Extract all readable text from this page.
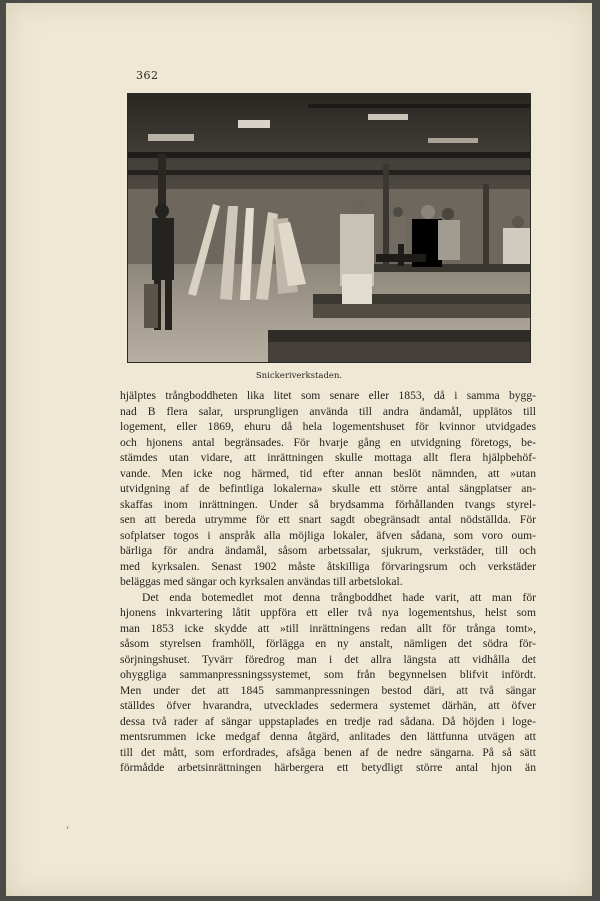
362
Snickeriverkstaden.
hjälptes trångboddheten lika litet som senare eller 1853, då i samma bygg-
nad B flera salar, ursprungligen använda till andra ändamål, upplätos till
logement, eller 1869, ehuru då hela logementshuset för kvinnor utvidgades
och hjonens antal begränsades. För hvarje gång en utvidgning företogs, be-
stämdes utan vidare, att inrättningen skulle mottaga allt flera hjälpbehöf-
vande. Men icke nog härmed, tid efter annan beslöt nämnden, att »utan
utvidgning af de befintliga lokalerna» skulle ett större antal sängplatser an-
skaffas inom inrättningen. Under så brydsamma förhållanden tvangs styrel-
sen att bereda utrymme för ett snart sagdt obegränsadt antal nödställda. För
sofplatser togos i anspråk alla möjliga lokaler, äfven sådana, som voro oum-
bärliga för andra ändamål, såsom arbetssalar, sjukrum, verkstäder, till och
med kyrksalen. Senast 1902 måste åtskilliga förvaringsrum och verkstäder
beläggas med sängar och kyrksalen användas till arbetslokal.
Det enda botemedlet mot denna trångboddhet hade varit, att man för
hjonens inkvartering låtit uppföra ett eller två nya logementshus, helst som
man 1853 icke skydde att »till inrättningens redan allt för trånga tomt»,
såsom styrelsen framhöll, förlägga en ny anstalt, nämligen det södra för-
sörjningshuset. Tyvärr föredrog man i det allra längsta att vidhålla det
ohyggliga sammanpressningssystemet, som från begynnelsen blifvit infördt.
Men under det att 1845 sammanpressningen bestod däri, att två sängar
ställdes öfver hvarandra, utvecklades sedermera systemet därhän, att öfver
dessa två rader af sängar uppstaplades en tredje rad sådana. Då höjden i loge-
mentsrummen icke medgaf denna åtgärd, anlitades den lättfunna utvägen att
till det mått, som erfordrades, afsåga benen af de nedre sängarna. På så sätt
förmådde arbetsinrättningen härbergera ett betydligt större antal hjon än
’
